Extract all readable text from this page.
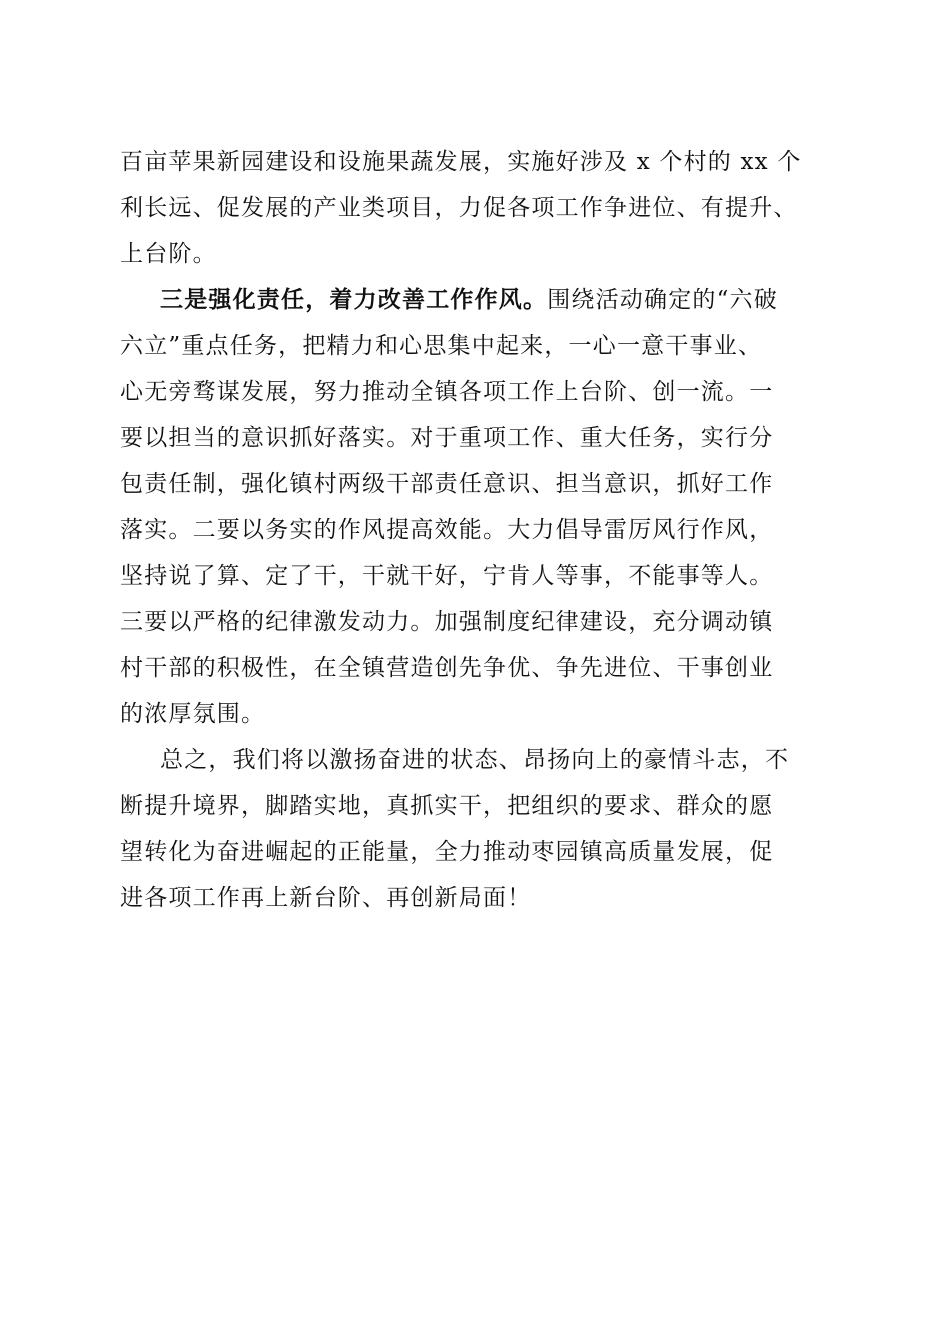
百亩苹果新园建设和设施果蔬发展，实施好涉及 x 个村的 xx 个
利长远、促发展的产业类项目，力促各项工作争进位、有提升、
上台阶。
三是强化责任，着力改善工作作风。围绕活动确定的“六破
六立”重点任务，把精力和心思集中起来，一心一意干事业、
心无旁骛谋发展，努力推动全镇各项工作上台阶、创一流。一
要以担当的意识抓好落实。对于重项工作、重大任务，实行分
包责任制，强化镇村两级干部责任意识、担当意识，抓好工作
落实。二要以务实的作风提高效能。大力倡导雷厉风行作风，
坚持说了算、定了干，干就干好，宁肯人等事，不能事等人。
三要以严格的纪律激发动力。加强制度纪律建设，充分调动镇
村干部的积极性，在全镇营造创先争优、争先进位、干事创业
的浓厚氛围。
总之，我们将以激扬奋进的状态、昂扬向上的豪情斗志，不
断提升境界，脚踏实地，真抓实干，把组织的要求、群众的愿
望转化为奋进崛起的正能量，全力推动枣园镇高质量发展，促
进各项工作再上新台阶、再创新局面！
